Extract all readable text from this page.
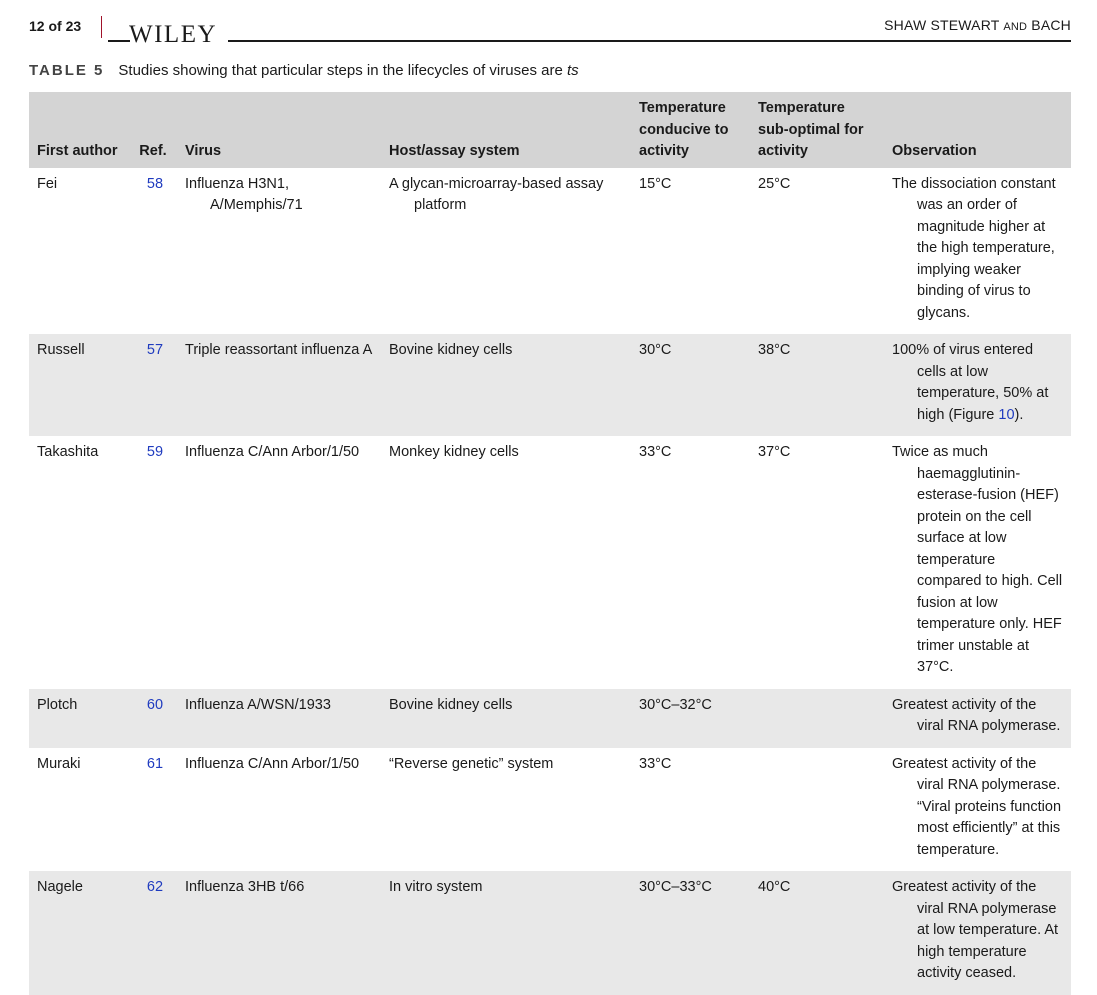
12 of 23 WILEY	SHAW STEWART AND BACH
TABLE 5 Studies showing that particular steps in the lifecycles of viruses are ts
First author	Ref.	Virus	Host/assay system	Temperature conducive to activity	Temperature sub-optimal for activity	Observation
Fei	58	Influenza H3N1, A/Memphis/71	A glycan-microarray-based assay platform	15°C	25°C	The dissociation constant was an order of magnitude higher at the high temperature, implying weaker binding of virus to glycans.

Russell	57	Triple reassortant influenza A	Bovine kidney cells	30°C	38°C	100% of virus entered cells at low temperature, 50% at high (Figure 10).

Takashita	59	Influenza C/Ann Arbor/1/50	Monkey kidney cells	33°C	37°C	Twice as much haemagglutinin-esterase-fusion (HEF) protein on the cell surface at low temperature compared to high. Cell fusion at low temperature only. HEF trimer unstable at 37°C.

Plotch	60	Influenza A/WSN/1933	Bovine kidney cells	30°C–32°C		Greatest activity of the viral RNA polymerase.

Muraki	61	Influenza C/Ann Arbor/1/50	“Reverse genetic” system	33°C		Greatest activity of the viral RNA polymerase. “Viral proteins function most efficiently” at this temperature.

Nagele	62	Influenza 3HB t/66	In vitro system	30°C–33°C	40°C	Greatest activity of the viral RNA polymerase at low temperature. At high temperature activity ceased.
